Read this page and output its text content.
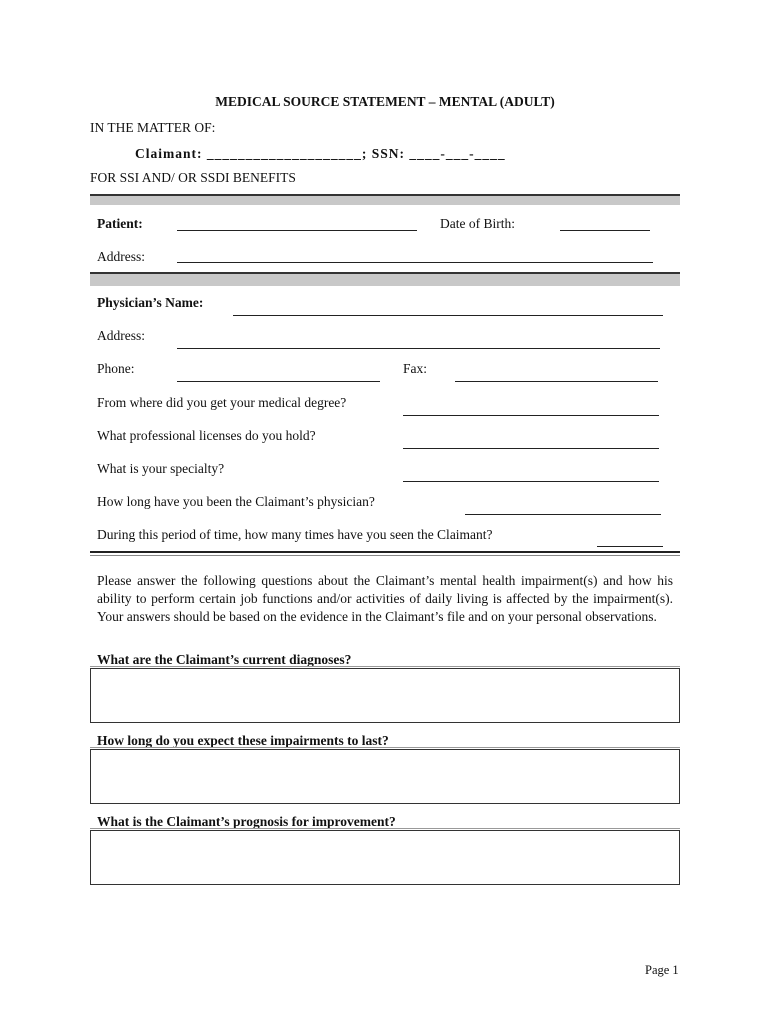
MEDICAL SOURCE STATEMENT – MENTAL (ADULT)
IN THE MATTER OF:
Claimant: ____________________; SSN: ____-___-____
FOR SSI AND/ OR SSDI BENEFITS
Patient:	Date of Birth:
Address:
Physician’s Name:
Address:
Phone:	Fax:
From where did you get your medical degree?
What professional licenses do you hold?
What is your specialty?
How long have you been the Claimant’s physician?
During this period of time, how many times have you seen the Claimant?
Please answer the following questions about the Claimant’s mental health impairment(s) and how his ability to perform certain job functions and/or activities of daily living is affected by the impairment(s). Your answers should be based on the evidence in the Claimant’s file and on your personal observations.
What are the Claimant’s current diagnoses?
How long do you expect these impairments to last?
What is the Claimant’s prognosis for improvement?
Page 1
